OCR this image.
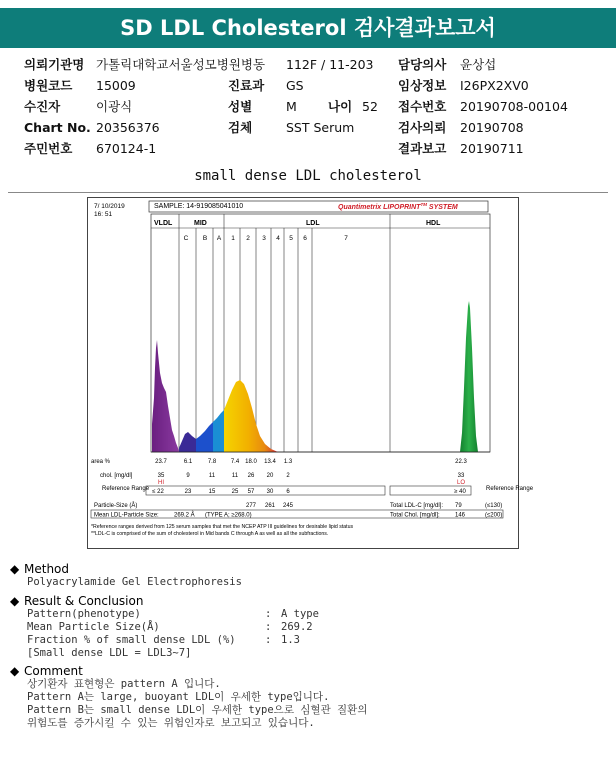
SD LDL Cholesterol 검사결과보고서
의뢰기관명 가톨릭대학교서울성모병원병동 112F / 11-203 담당의사 윤상섭
병원코드 15009	진료과 GS	임상정보 I26PX2XV0
수진자	이광식	성별	M 나이 52 접수번호 20190708-00104
Chart No. 20356376	검체	SST Serum	검사의뢰 20190708
주민번호 670124-1	결과보고 20190711
small dense LDL cholesterol
7/ 10/2019
16: 51
SAMPLE: 14-919085041010	Quantimetrix LIPOPRINT™ SYSTEM
VLDL	MID	LDL	HDL
C B A 1 2 3 4 5 6	7
area %	23.7	6.1	7.8 7.4 18.0 13.4 1.3	22.3
chol. [mg/dl]	35	9	11	11 26 20 2	33
HI	LO
Reference Range ≤ 22	23	15	25 57 30 6	≥ 40	Reference Range
Particle-Size (Å)	277 261 245
Mean LDL-Particle Size:	269.2 Å (TYPE A; ≥268.0)
Total LDL-C [mg/dl]: 79	(≤130)
Total Chol. [mg/dl]:	146	(≤200)
*Reference ranges derived from 125 serum samples that met the NCEP ATP III guidelines for desirable lipid status
**LDL-C is comprised of the sum of cholesterol in Mid bands C through A as well as all the subfractions.
◆ Method
Polyacrylamide Gel Electrophoresis
◆ Result & Conclusion
Pattern(phenotype)	: A type
Mean Particle Size(Å)	: 269.2
Fraction % of small dense LDL (%)	: 1.3
[Small dense LDL = LDL3~7]
◆ Comment
상기환자 표현형은 pattern A 입니다.
Pattern A는 large, buoyant LDL이 우세한 type입니다.
Pattern B는 small dense LDL이 우세한 type으로 심혈관 질환의
위험도를 증가시킬 수 있는 위험인자로 보고되고 있습니다.
